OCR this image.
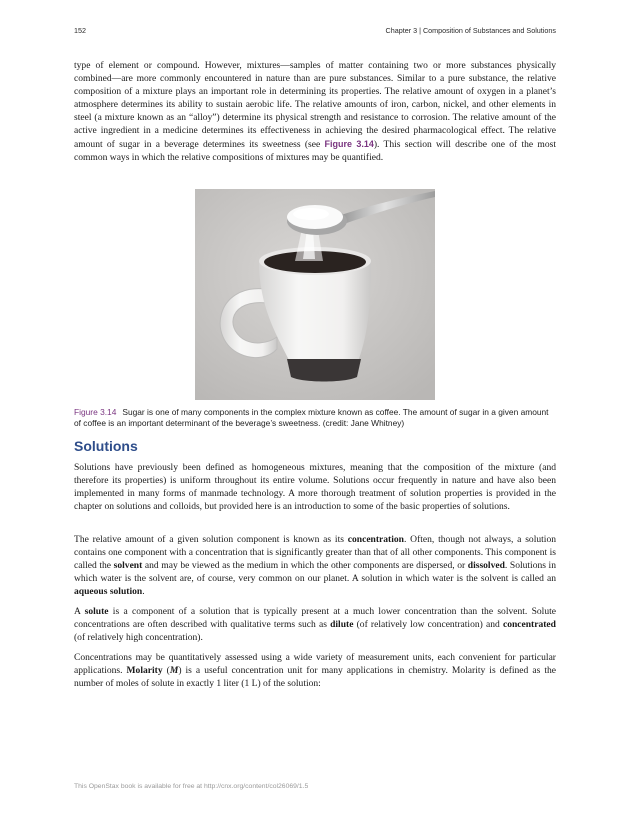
152	Chapter 3 | Composition of Substances and Solutions

type of element or compound. However, mixtures—samples of matter containing two or more substances physically combined—are more commonly encountered in nature than are pure substances. Similar to a pure substance, the relative composition of a mixture plays an important role in determining its properties. The relative amount of oxygen in a planet’s atmosphere determines its ability to sustain aerobic life. The relative amounts of iron, carbon, nickel, and other elements in steel (a mixture known as an “alloy”) determine its physical strength and resistance to corrosion. The relative amount of the active ingredient in a medicine determines its effectiveness in achieving the desired pharmacological effect. The relative amount of sugar in a beverage determines its sweetness (see Figure 3.14). This section will describe one of the most common ways in which the relative compositions of mixtures may be quantified.

Figure 3.14 Sugar is one of many components in the complex mixture known as coffee. The amount of sugar in a given amount of coffee is an important determinant of the beverage’s sweetness. (credit: Jane Whitney)

Solutions

Solutions have previously been defined as homogeneous mixtures, meaning that the composition of the mixture (and therefore its properties) is uniform throughout its entire volume. Solutions occur frequently in nature and have also been implemented in many forms of manmade technology. A more thorough treatment of solution properties is provided in the chapter on solutions and colloids, but provided here is an introduction to some of the basic properties of solutions.

The relative amount of a given solution component is known as its concentration. Often, though not always, a solution contains one component with a concentration that is significantly greater than that of all other components. This component is called the solvent and may be viewed as the medium in which the other components are dispersed, or dissolved. Solutions in which water is the solvent are, of course, very common on our planet. A solution in which water is the solvent is called an aqueous solution.

A solute is a component of a solution that is typically present at a much lower concentration than the solvent. Solute concentrations are often described with qualitative terms such as dilute (of relatively low concentration) and concentrated (of relatively high concentration).

Concentrations may be quantitatively assessed using a wide variety of measurement units, each convenient for particular applications. Molarity (M) is a useful concentration unit for many applications in chemistry. Molarity is defined as the number of moles of solute in exactly 1 liter (1 L) of the solution:

This OpenStax book is available for free at http://cnx.org/content/col26069/1.5
